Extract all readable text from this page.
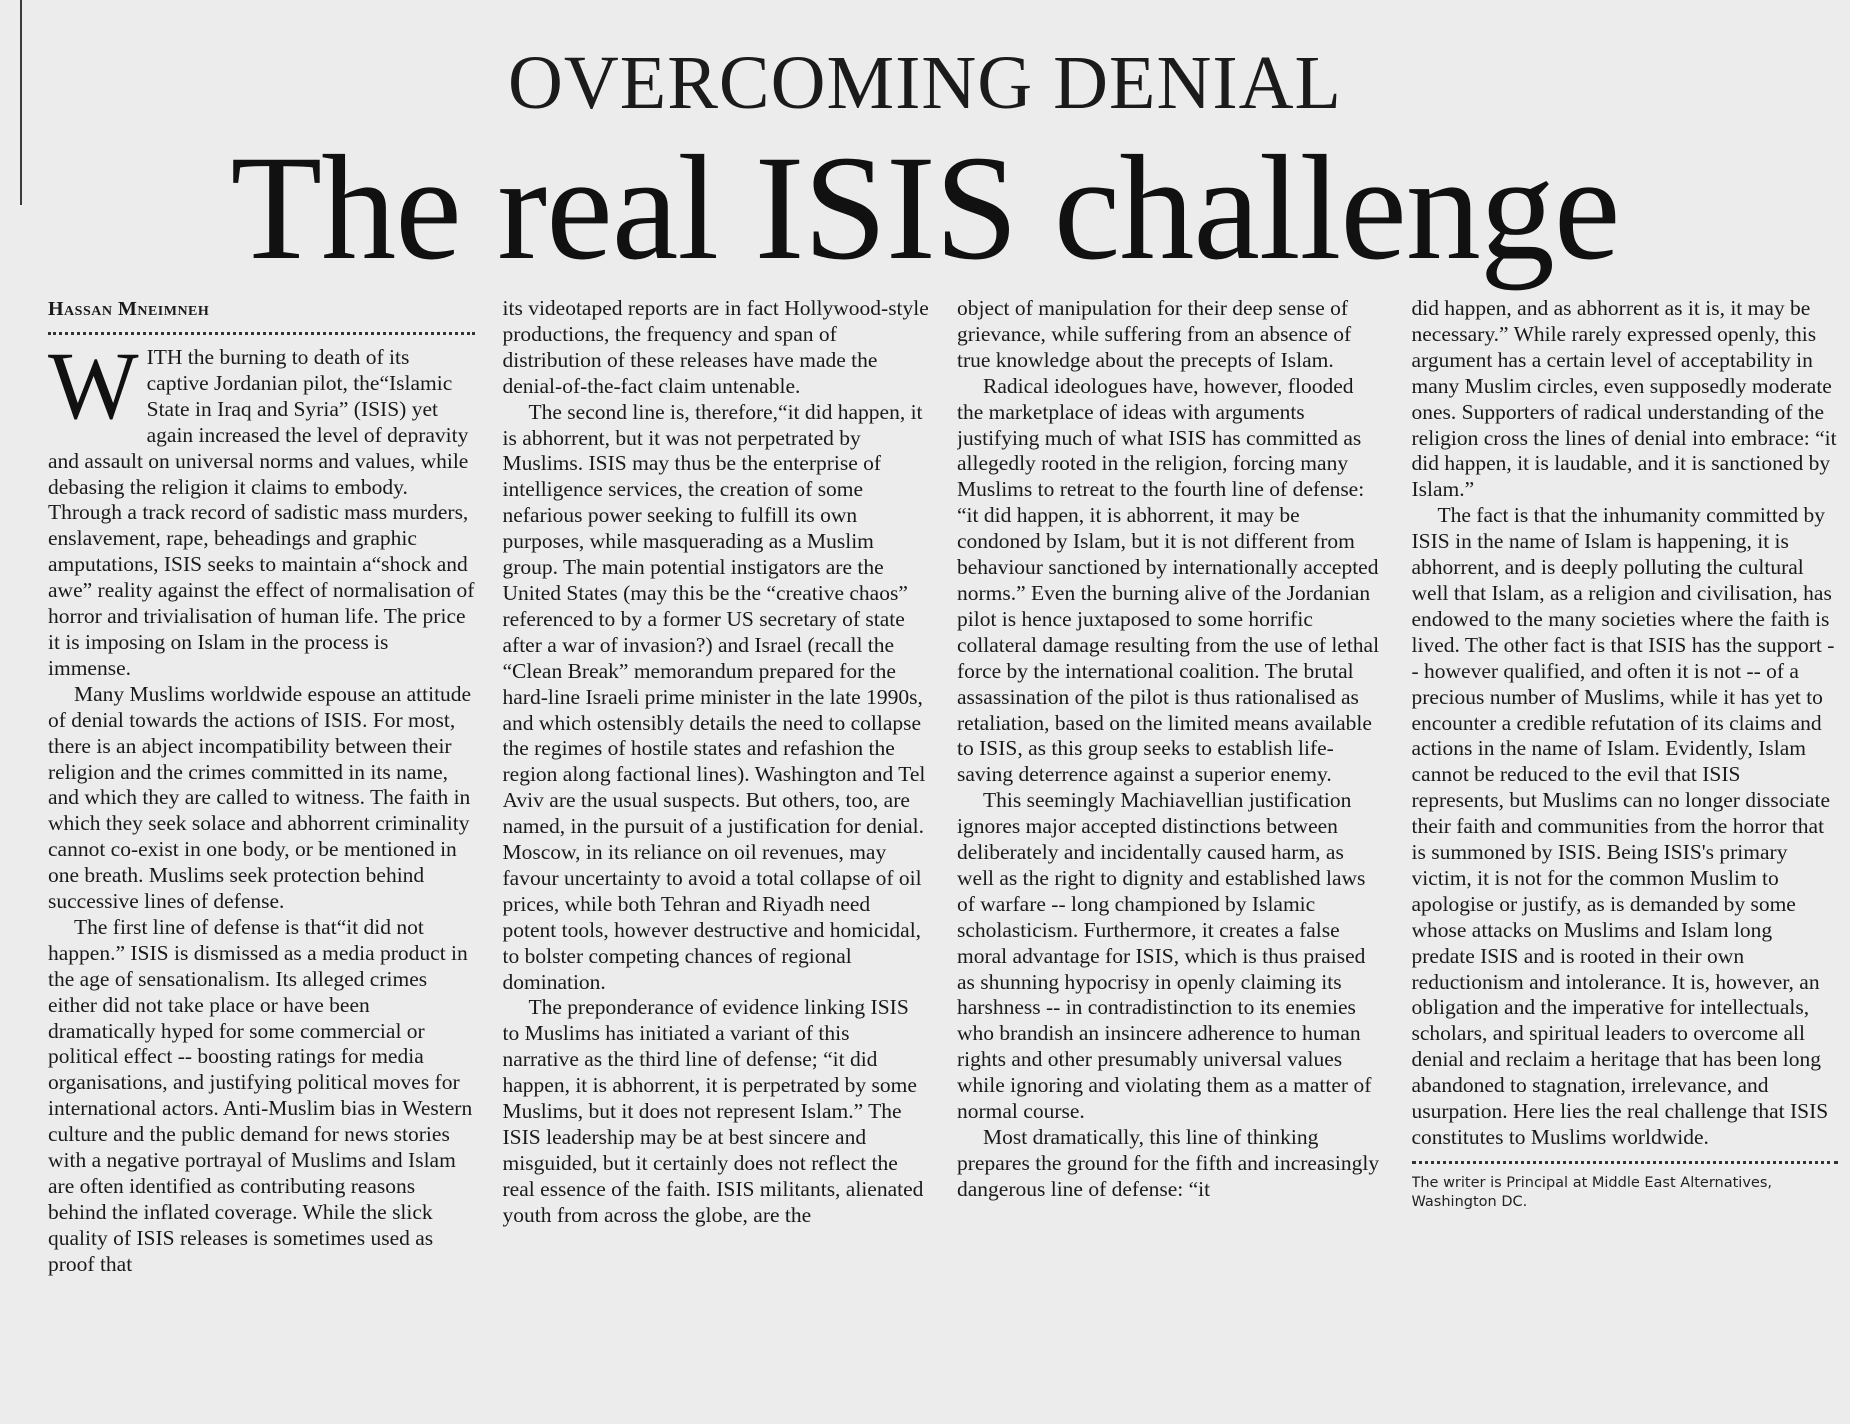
OVERCOMING DENIAL
The real ISIS challenge
Hassan Mneimneh
W ITH the burning to death of its captive Jordanian pilot, the“Islamic State in Iraq and Syria” (ISIS) yet again increased the level of depravity and assault on universal norms and values, while debasing the religion it claims to embody. Through a track record of sadistic mass murders, enslavement, rape, beheadings and graphic amputations, ISIS seeks to maintain a“shock and awe” reality against the effect of normalisation of horror and trivialisation of human life. The price it is imposing on Islam in the process is immense.

Many Muslims worldwide espouse an attitude of denial towards the actions of ISIS. For most, there is an abject incompatibility between their religion and the crimes committed in its name, and which they are called to witness. The faith in which they seek solace and abhorrent criminality cannot co-exist in one body, or be mentioned in one breath. Muslims seek protection behind successive lines of defense.

The first line of defense is that“it did not happen.” ISIS is dismissed as a media product in the age of sensationalism. Its alleged crimes either did not take place or have been dramatically hyped for some commercial or political effect -- boosting ratings for media organisations, and justifying political moves for international actors. Anti-Muslim bias in Western culture and the public demand for news stories with a negative portrayal of Muslims and Islam are often identified as contributing reasons behind the inflated coverage. While the slick quality of ISIS releases is sometimes used as proof that

its videotaped reports are in fact Hollywood-style productions, the frequency and span of distribution of these releases have made the denial-of-the-fact claim untenable.

The second line is, therefore,“it did happen, it is abhorrent, but it was not perpetrated by Muslims. ISIS may thus be the enterprise of intelligence services, the creation of some nefarious power seeking to fulfill its own purposes, while masquerading as a Muslim group. The main potential instigators are the United States (may this be the “creative chaos” referenced to by a former US secretary of state after a war of invasion?) and Israel (recall the “Clean Break” memorandum prepared for the hard-line Israeli prime minister in the late 1990s, and which ostensibly details the need to collapse the regimes of hostile states and refashion the region along factional lines). Washington and Tel Aviv are the usual suspects. But others, too, are named, in the pursuit of a justification for denial. Moscow, in its reliance on oil revenues, may favour uncertainty to avoid a total collapse of oil prices, while both Tehran and Riyadh need potent tools, however destructive and homicidal, to bolster competing chances of regional domination.

The preponderance of evidence linking ISIS to Muslims has initiated a variant of this narrative as the third line of defense; “it did happen, it is abhorrent, it is perpetrated by some Muslims, but it does not represent Islam.” The ISIS leadership may be at best sincere and misguided, but it certainly does not reflect the real essence of the faith. ISIS militants, alienated youth from across the globe, are the

object of manipulation for their deep sense of grievance, while suffering from an absence of true knowledge about the precepts of Islam.

Radical ideologues have, however, flooded the marketplace of ideas with arguments justifying much of what ISIS has committed as allegedly rooted in the religion, forcing many Muslims to retreat to the fourth line of defense: “it did happen, it is abhorrent, it may be condoned by Islam, but it is not different from behaviour sanctioned by internationally accepted norms.” Even the burning alive of the Jordanian pilot is hence juxtaposed to some horrific collateral damage resulting from the use of lethal force by the international coalition. The brutal assassination of the pilot is thus rationalised as retaliation, based on the limited means available to ISIS, as this group seeks to establish life-saving deterrence against a superior enemy.

This seemingly Machiavellian justification ignores major accepted distinctions between deliberately and incidentally caused harm, as well as the right to dignity and established laws of warfare -- long championed by Islamic scholasticism. Furthermore, it creates a false moral advantage for ISIS, which is thus praised as shunning hypocrisy in openly claiming its harshness -- in contradistinction to its enemies who brandish an insincere adherence to human rights and other presumably universal values while ignoring and violating them as a matter of normal course.

Most dramatically, this line of thinking prepares the ground for the fifth and increasingly dangerous line of defense: “it

did happen, and as abhorrent as it is, it may be necessary.” While rarely expressed openly, this argument has a certain level of acceptability in many Muslim circles, even supposedly moderate ones. Supporters of radical understanding of the religion cross the lines of denial into embrace: “it did happen, it is laudable, and it is sanctioned by Islam.”

The fact is that the inhumanity committed by ISIS in the name of Islam is happening, it is abhorrent, and is deeply polluting the cultural well that Islam, as a religion and civilisation, has endowed to the many societies where the faith is lived. The other fact is that ISIS has the support -- however qualified, and often it is not -- of a precious number of Muslims, while it has yet to encounter a credible refutation of its claims and actions in the name of Islam. Evidently, Islam cannot be reduced to the evil that ISIS represents, but Muslims can no longer dissociate their faith and communities from the horror that is summoned by ISIS. Being ISIS's primary victim, it is not for the common Muslim to apologise or justify, as is demanded by some whose attacks on Muslims and Islam long predate ISIS and is rooted in their own reductionism and intolerance. It is, however, an obligation and the imperative for intellectuals, scholars, and spiritual leaders to overcome all denial and reclaim a heritage that has been long abandoned to stagnation, irrelevance, and usurpation. Here lies the real challenge that ISIS constitutes to Muslims worldwide.

The writer is Principal at Middle East Alternatives, Washington DC.
